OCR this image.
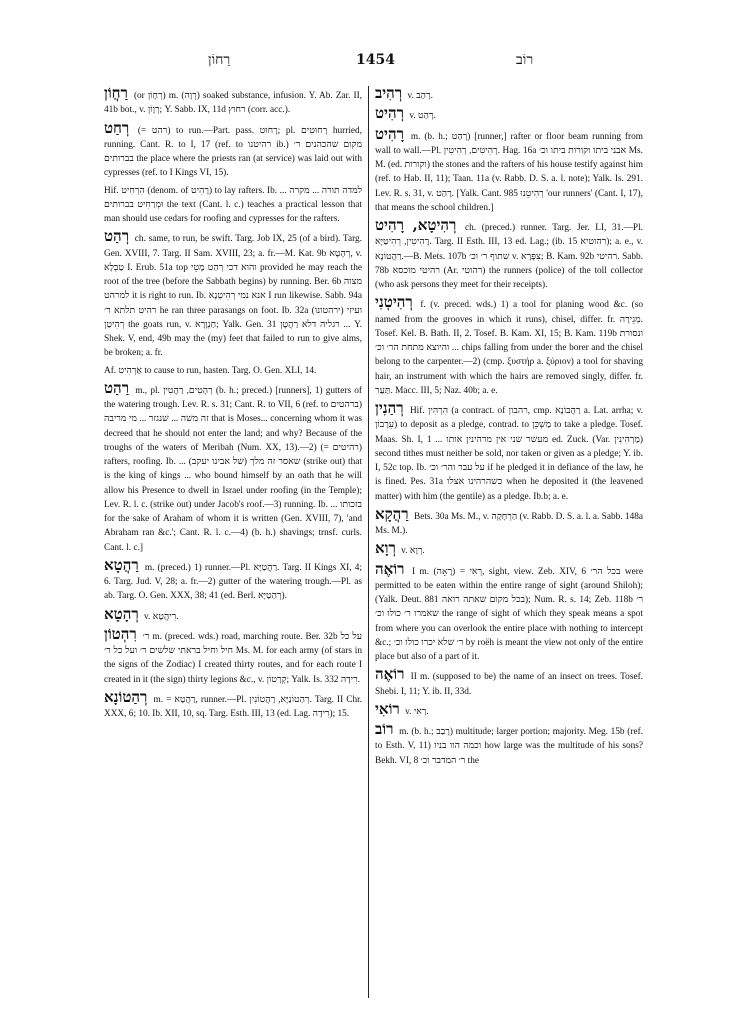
רַחוֹן	1454	רוֹב

רַחֲוֹן (or רְחָוֹן) m. (רְוָה) soaked substance, infusion. Y. Ab. Zar. II, 41b bot., v. רְוָוֹן; Y. Sabb. IX, 11d רחוץ (corr. acc.).

רְחַט (= רהט) to run.—Part. pass. רָחוּט; pl. רְחוּטִים hurried, running. Cant. R. to I, 17 (ref. to רהיטנו ib.) מקום שהכהנים ר׳ בברותים the place where the priests ran (at service) was laid out with cypresses (ref. to I Kings VI, 15).

Hif. הִרְחִיט (denom. of רָהִיט) to lay rafters. Ib. למדה תורה ... מקרה ... וּמְרַחִיט בברותים the text (Cant. l. c.) teaches a practical lesson that man should use cedars for roofing and cypresses for the rafters.

רְהַט ch. same, to run, be swift. Targ. Job IX, 25 (of a bird). Targ. Gen. XVIII, 7. Targ. II Sam. XVIII, 23; a. fr.—M. Kat. 9b רְהָטָא, v. טַבְלָא I. Erub. 51a top והוא דכי רְהַט מָטֵי provided he may reach the root of the tree (before the Sabbath begins) by running. Ber. 6b מצוה למרהט it is right to run. Ib. אנא נמי רְהִיטְנָא I run likewise. Sabb. 94a רהיט תלתא ר׳ he ran three parasangs on foot. Ib. 32a (ירהטונו) ועיזי רְהִיטַן the goats run, v. חַנְוָרָא; Yalk. Gen. 31 רגליה דלא רַהֲטָן ... Y. Shek. V, end, 49b may the (my) feet that failed to run to give alms, be broken; a. fr.

Af. אַרְהִיט to cause to run, hasten. Targ. O. Gen. XLI, 14.

רַהַט m., pl. רְהָטִים, רַהֲטִין (b. h.; preced.) [runners], 1) gutters of the watering trough. Lev. R. s. 31; Cant. R. to VII, 6 (ref. to ברהטים) זה משה ... שנגזר ... מי מריבה that is Moses... concerning whom it was decreed that he should not enter the land; and why? Because of the troughs of the waters of Meribah (Num. XX, 13).—2) (= רהיטים) rafters, roofing. Ib. ... שאסר זה מלך (של אבינו יעקב) (strike out) that is the king of kings ... who bound himself by an oath that he will allow his Presence to dwell in Israel under roofing (in the Temple); Lev. R. l. c. (strike out) under Jacob's roof.—3) running. Ib. ... בזכותו for the sake of Araham of whom it is written (Gen. XVIII, 7), 'and Abraham ran &c.'; Cant. R. l. c.—4) (b. h.) shavings; trnsf. curls. Cant. l. c.]

רַהֲטָא m. (preced.) 1) runner.—Pl. רַהֲטַיָּא. Targ. II Kings XI, 4; 6. Targ. Jud. V, 28; a. fr.—2) gutter of the watering trough.—Pl. as ab. Targ. O. Gen. XXX, 38; 41 (ed. Berl. רְהַטַיָּא).

רְהָטָא v. רִיהֲטָא.

רִהְטוֹן ר׳ m. (preced. wds.) road, marching route. Ber. 32b על כל חיל וחיל בראתי שלשים ר׳ ועל כל ר׳ Ms. M. for each army (of stars in the signs of the Zodiac) I created thirty routes, and for each route I created in it (the sign) thirty legions &c., v. קְרָטוֹן; Yalk. Is. 332 רִידָה.

רְהַטוֹנָא m. = רַהֲטָא, runner.—Pl. רְהַטוֹנַיָּא, רַהֲטוֹנִין. Targ. II Chr. XXX, 6; 10. Ib. XII, 10, sq. Targ. Esth. III, 13 (ed. Lag. רִידָה); 15.

רְהִיב v. רָהַב.

רְהִיט v. רָהַט.

רָהִיט m. (b. h.; רָהַט) [runner,] rafter or floor beam running from wall to wall.—Pl. רְהִיטִים, רְהִיטִין. Hag. 16a אבני ביתו וקורות ביתו וכ׳ Ms. M. (ed. וקורות) the stones and the rafters of his house testify against him (ref. to Hab. II, 11); Taan. 11a (v. Rabb. D. S. a. l. note); Yalk. Is. 291. Lev. R. s. 31, v. רָהַט. [Yalk. Cant. 985 רְהִיטֵנוּ 'our runners' (Cant. I, 17), that means the school children.]

רְהִיטָא, רָהִיט ch. (preced.) runner. Targ. Jer. LI, 31.—Pl. רָהִיטִין, רְהִיטַיָּא. Targ. II Esth. III, 13 ed. Lag.; (ib. 15 רהוטיא); a. e., v. רַהֲטוֹנָא.—B. Mets. 107b שתוף ר׳ וכ׳ v. צִפָּרָא; B. Kam. 92b רהיטי. Sabb. 78b רהיטי מוכסא (Ar. רהוטי) the runners (police) of the toll collector (who ask persons they meet for their receipts).

רְהִיטְנִי f. (v. preced. wds.) 1) a tool for planing wood &c. (so named from the grooves in which it runs), chisel, differ. fr. מְגֵירָה. Tosef. Kel. B. Bath. II, 2. Tosef. B. Kam. XI, 15; B. Kam. 119b ונסורת ... והיוצא מתחת הר׳ וכ׳ chips falling from under the borer and the chisel belong to the carpenter.—2) (cmp. ξυστήρ a. ξύριον) a tool for shaving hair, an instrument with which the hairs are removed singly, differ. fr. תַּעַר. Macc. III, 5; Naz. 40b; a. e.

רְהַנִין Hif. הִרְהִין (a contract. of רהבון, cmp. רַהֲבוֹנָא a. Lat. arrha; v. עֵרָבוֹן) to deposit as a pledge, contrad. to מַשְׁכֵּן to take a pledge. Tosef. Maas. Sh. I, 1 ... מעשר שני אין מרהינין אותו ed. Zuck. (Var. מַרְהִינִין) second tithes must neither be sold, nor taken or given as a pledge; Y. ib. I, 52c top. Ib. על עבר והר׳ וכ׳ if he pledged it in defiance of the law, he is fined. Pes. 31a כשהרהינו אצלו when he deposited it (the leavened matter) with him (the gentile) as a pledge. Ib.b; a. e.

רַהֲקָא Bets. 30a Ms. M., v. הַרְחָקָה (v. Rabb. D. S. a. l. a. Sabb. 148a Ms. M.).

רְוָא v. רְוָא.

רוֹאֶה I m. (רָאָה) = רְאִי, sight, view. Zeb. XIV, 6 בכל הר׳ were permitted to be eaten within the entire range of sight (around Shiloh); (Yalk. Deut. 881 בכל מקום שאתה רואה); Num. R. s. 14; Zeb. 118b ר׳ שאמרו ר׳ כולו וכ׳ the range of sight of which they speak means a spot from where you can overlook the entire place with nothing to intercept &c.; ר׳ שלא יכרו כולו וכ׳ by roëh is meant the view not only of the entire place but also of a part of it.

רוֹאֶה II m. (supposed to be) the name of an insect on trees. Tosef. Shebi. I, 11; Y. ib. II, 33d.

רוֹאִי v. רָאִי.

רוֹב m. (b. h.; רָבַב) multitude; larger portion; majority. Meg. 15b (ref. to Esth. V, 11) וכמה הוו בניו how large was the multitude of his sons? Bekh. VI, 8 ר׳ המדבר וכ׳ the
